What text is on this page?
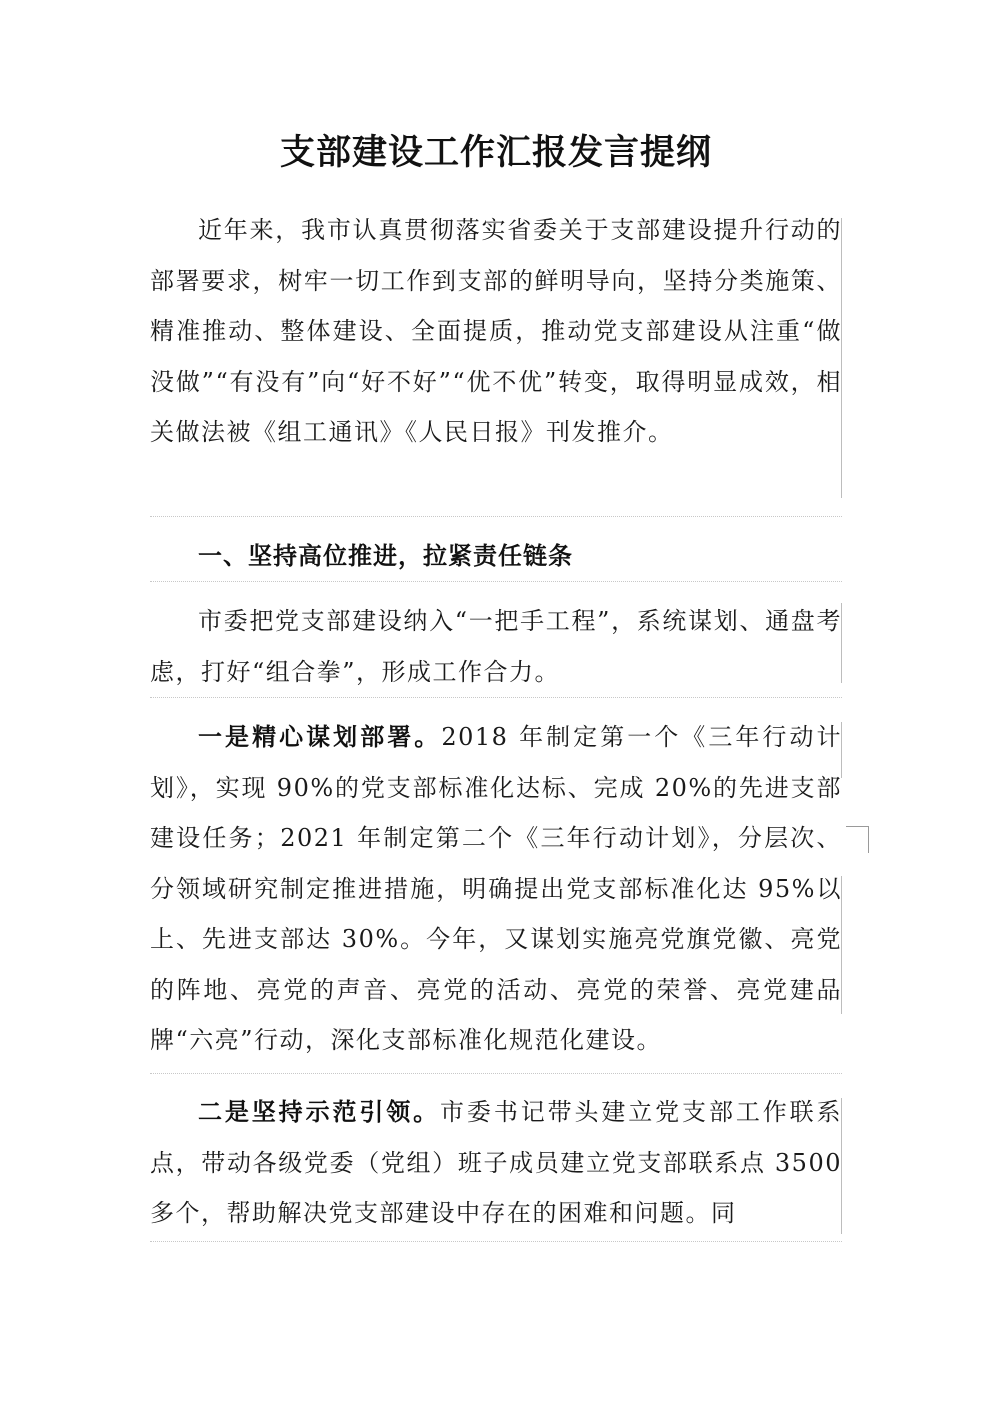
支部建设工作汇报发言提纲

近年来，我市认真贯彻落实省委关于支部建设提升行动的部署要求，树牢一切工作到支部的鲜明导向，坚持分类施策、精准推动、整体建设、全面提质，推动党支部建设从注重“做没做”“有没有”向“好不好”“优不优”转变，取得明显成效，相关做法被《组工通讯》《人民日报》刊发推介。

一、坚持高位推进，拉紧责任链条

市委把党支部建设纳入“一把手工程”，系统谋划、通盘考虑，打好“组合拳”，形成工作合力。

一是精心谋划部署。2018 年制定第一个《三年行动计划》，实现 90%的党支部标准化达标、完成 20%的先进支部建设任务；2021 年制定第二个《三年行动计划》，分层次、分领域研究制定推进措施，明确提出党支部标准化达 95%以上、先进支部达 30%。今年，又谋划实施亮党旗党徽、亮党的阵地、亮党的声音、亮党的活动、亮党的荣誉、亮党建品牌“六亮”行动，深化支部标准化规范化建设。

二是坚持示范引领。市委书记带头建立党支部工作联系点，带动各级党委（党组）班子成员建立党支部联系点 3500 多个，帮助解决党支部建设中存在的困难和问题。同
